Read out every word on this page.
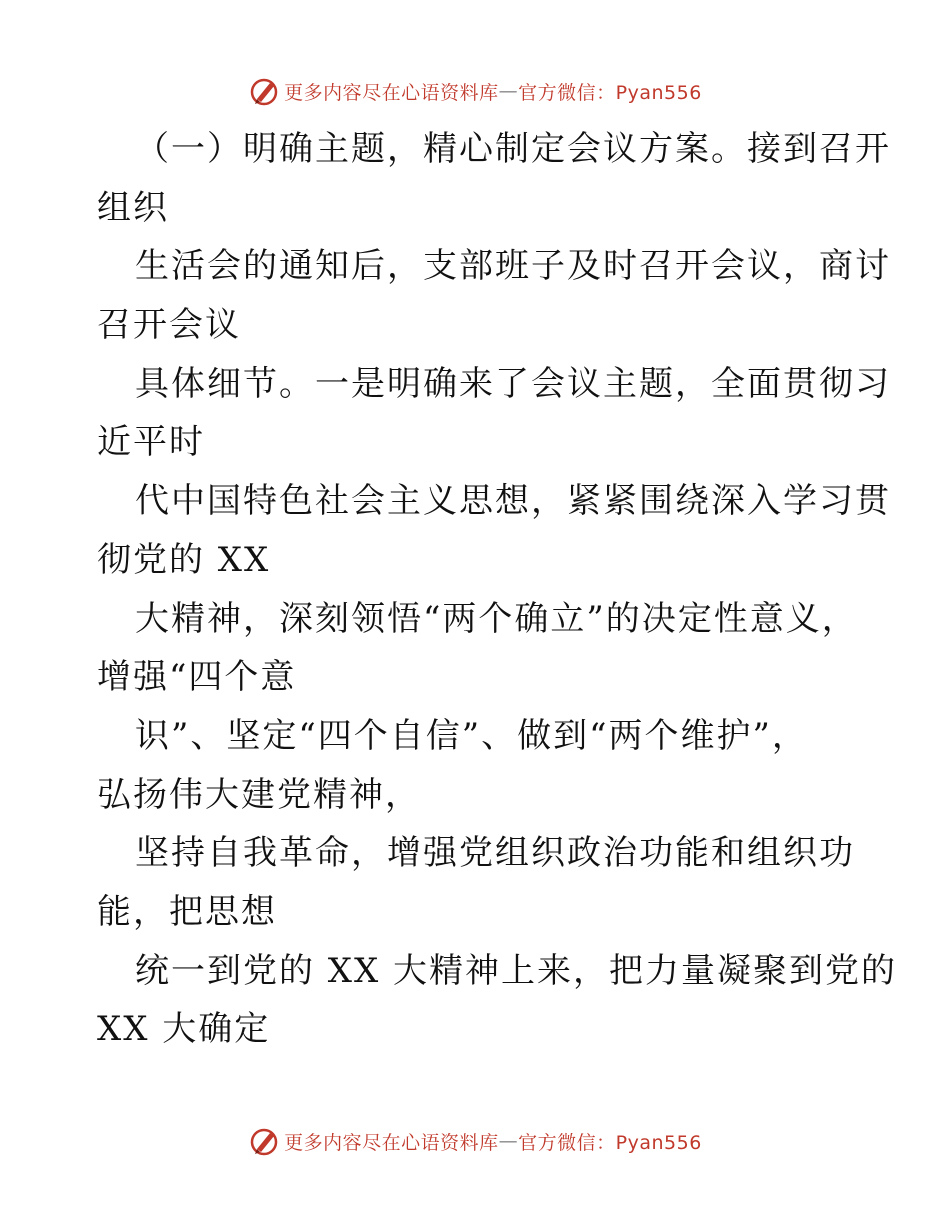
更多内容尽在心语资料库 — 官方微信：Pyan556
（一）明确主题，精心制定会议方案。接到召开
组织
生活会的通知后，支部班子及时召开会议，商讨
召开会议
具体细节。一是明确来了会议主题，全面贯彻习
近平时
代中国特色社会主义思想，紧紧围绕深入学习贯
彻党的 XX
大精神，深刻领悟“两个确立”的决定性意义，
增强“四个意
识”、坚定“四个自信”、做到“两个维护”，
弘扬伟大建党精神，
坚持自我革命，增强党组织政治功能和组织功
能，把思想
统一到党的 XX 大精神上来，把力量凝聚到党的
XX 大确定
更多内容尽在心语资料库 — 官方微信：Pyan556
